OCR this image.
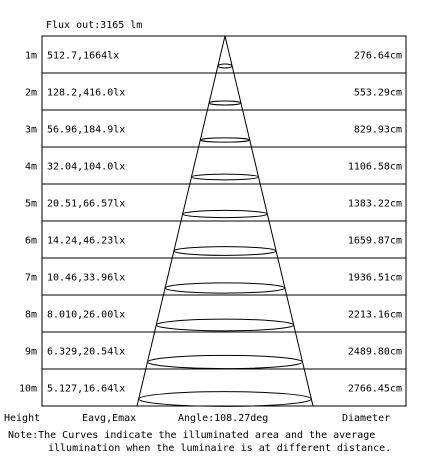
Flux out:3165 lm
1m 512.7,1664lx	276.64cm
2m 128.2,416.0lx	553.29cm
3m 56.96,184.9lx	829.93cm
4m 32.04,104.0lx	1106.58cm
5m 20.51,66.57lx	1383.22cm
6m 14.24,46.23lx	1659.87cm
7m 10.46,33.96lx	1936.51cm
8m 8.010,26.00lx	2213.16cm
9m 6.329,20.54lx	2489.80cm
10m 5.127,16.64lx	2766.45cm
Height	Eavg,Emax	Angle:108.27deg	Diameter
Note:The Curves indicate the illuminated area and the average
illumination when the luminaire is at different distance.
